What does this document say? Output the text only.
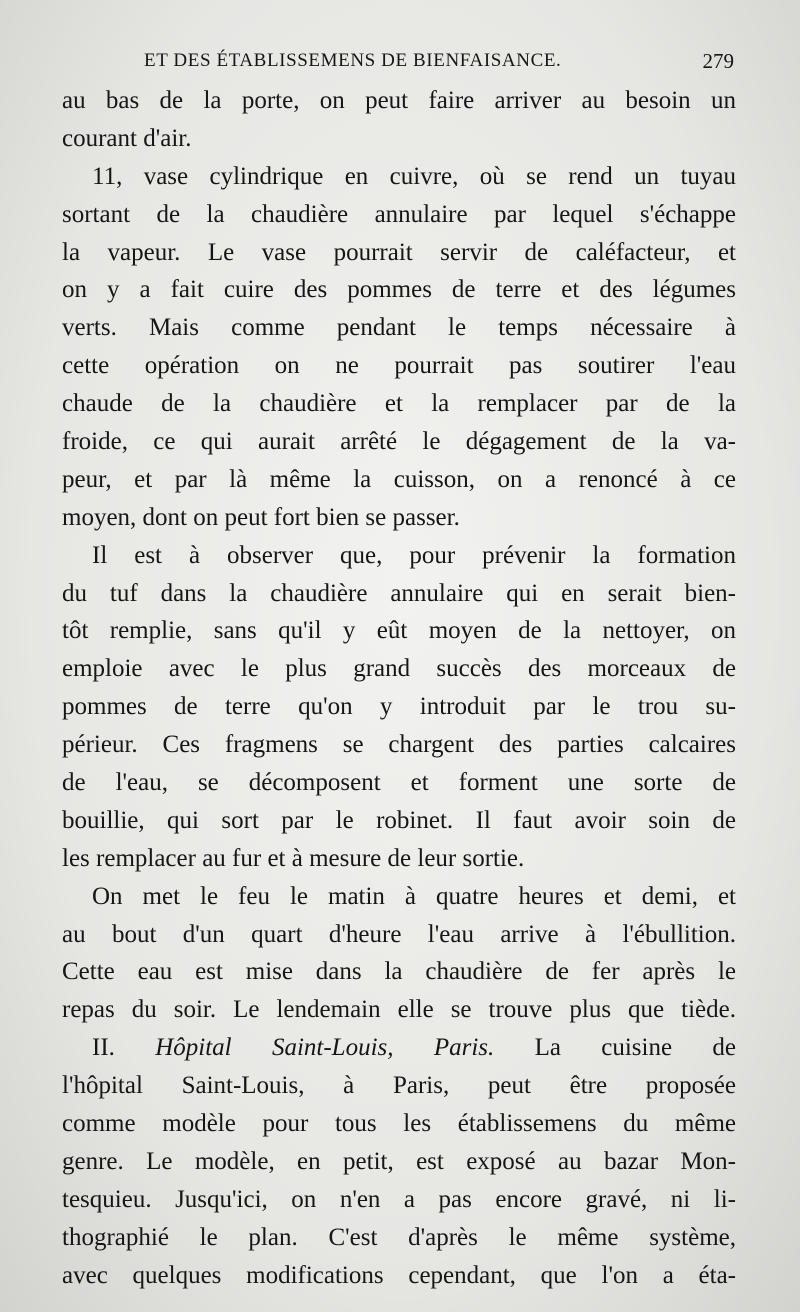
ET DES ÉTABLISSEMENS DE BIENFAISANCE.	279
au bas de la porte, on peut faire arriver au besoin un
courant d'air.
11, vase cylindrique en cuivre, où se rend un tuyau
sortant de la chaudière annulaire par lequel s'échappe
la vapeur. Le vase pourrait servir de caléfacteur, et
on y a fait cuire des pommes de terre et des légumes
verts. Mais comme pendant le temps nécessaire à
cette opération on ne pourrait pas soutirer l'eau
chaude de la chaudière et la remplacer par de la
froide, ce qui aurait arrêté le dégagement de la va-
peur, et par là même la cuisson, on a renoncé à ce
moyen, dont on peut fort bien se passer.
Il est à observer que, pour prévenir la formation
du tuf dans la chaudière annulaire qui en serait bien-
tôt remplie, sans qu'il y eût moyen de la nettoyer, on
emploie avec le plus grand succès des morceaux de
pommes de terre qu'on y introduit par le trou su-
périeur. Ces fragmens se chargent des parties calcaires
de l'eau, se décomposent et forment une sorte de
bouillie, qui sort par le robinet. Il faut avoir soin de
les remplacer au fur et à mesure de leur sortie.
On met le feu le matin à quatre heures et demi, et
au bout d'un quart d'heure l'eau arrive à l'ébullition.
Cette eau est mise dans la chaudière de fer après le
repas du soir. Le lendemain elle se trouve plus que tiède.
II. Hôpital Saint-Louis, Paris. La cuisine de
l'hôpital Saint-Louis, à Paris, peut être proposée
comme modèle pour tous les établissemens du même
genre. Le modèle, en petit, est exposé au bazar Mon-
tesquieu. Jusqu'ici, on n'en a pas encore gravé, ni li-
thographié le plan. C'est d'après le même système,
avec quelques modifications cependant, que l'on a éta-
